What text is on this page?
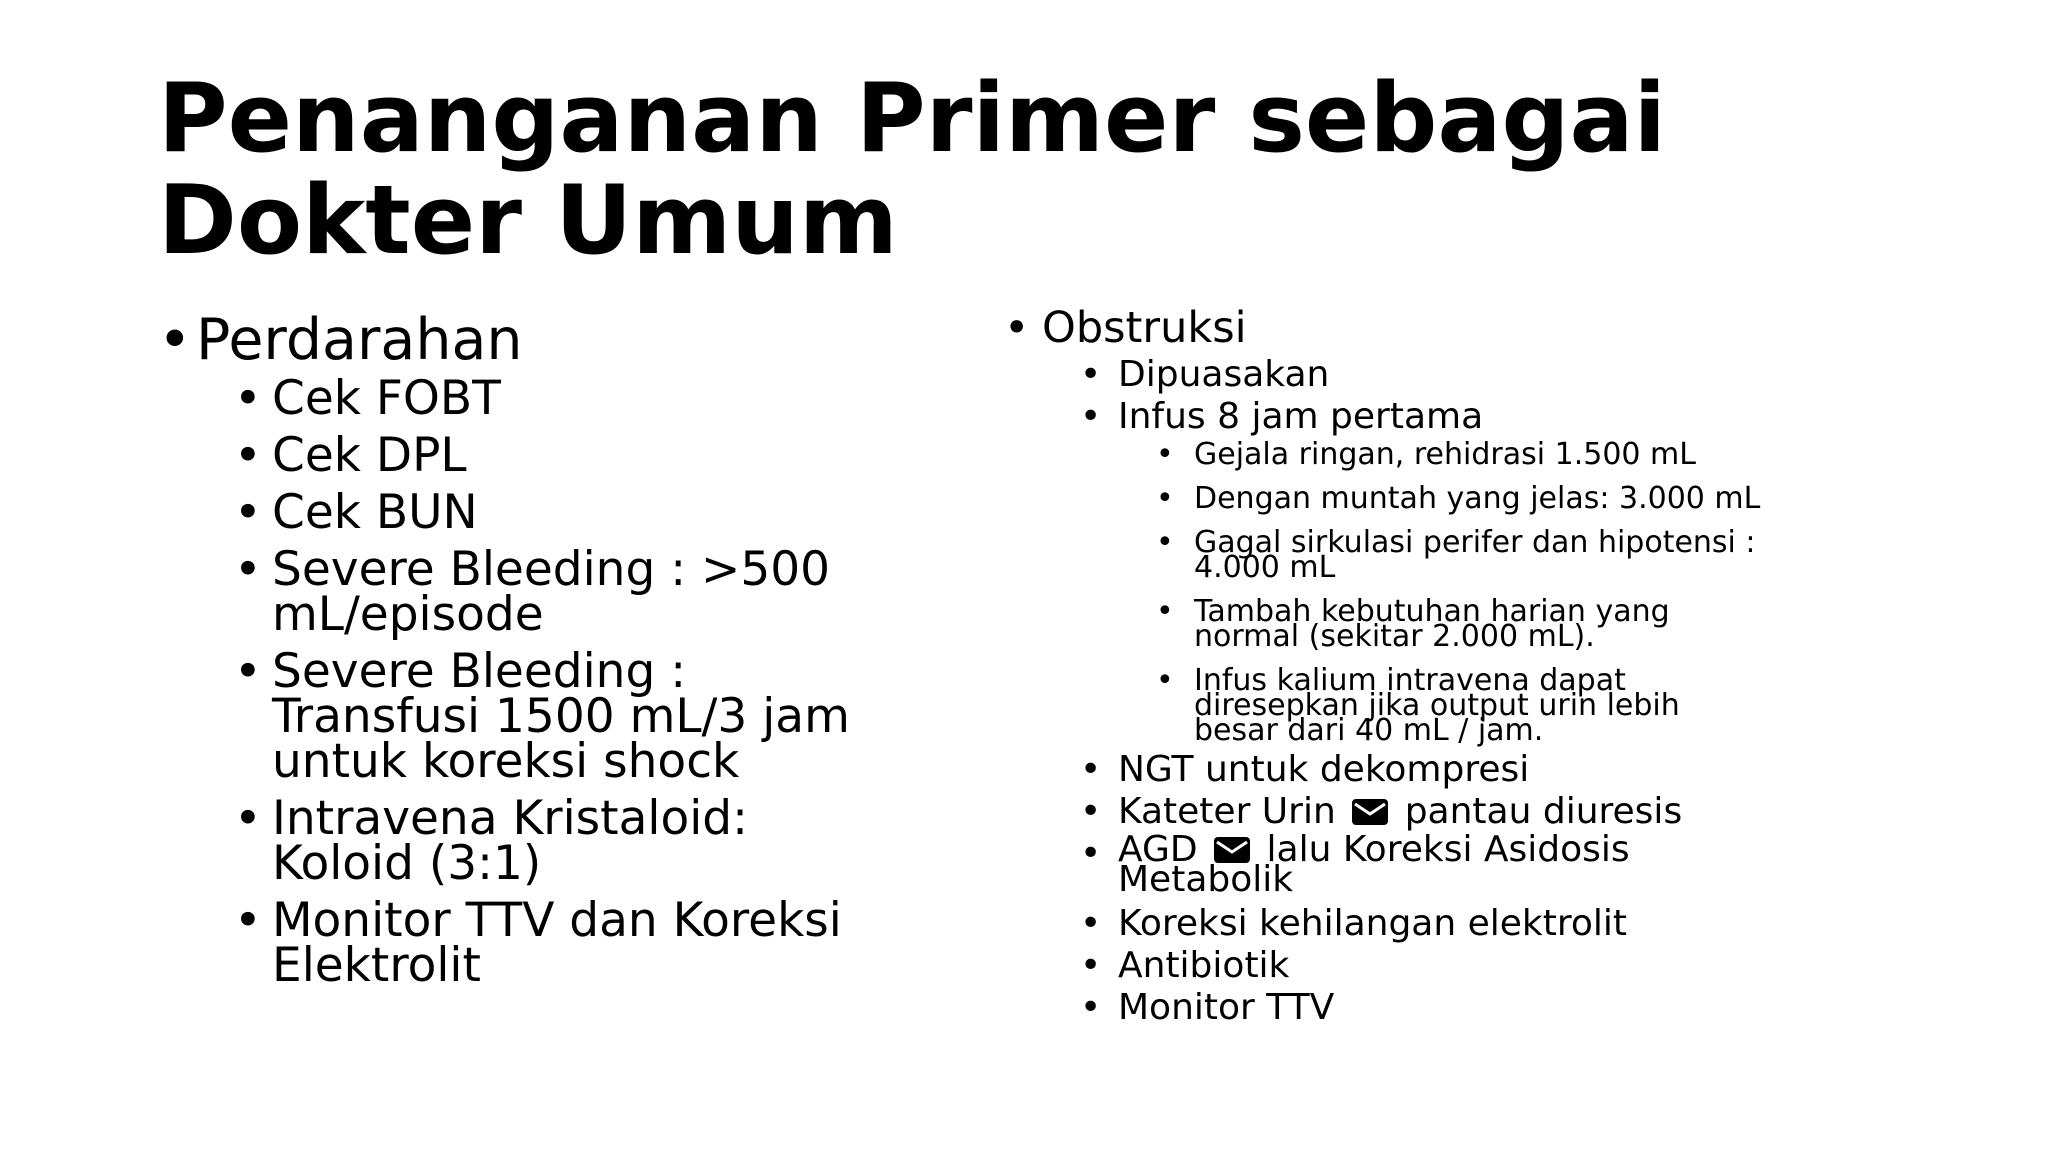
Penanganan Primer sebagai
Dokter Umum
• Perdarahan
• Cek FOBT
• Cek DPL
• Cek BUN
• Severe Bleeding : >500 mL/episode
• Severe Bleeding : Transfusi 1500 mL/3 jam untuk koreksi shock
• Intravena Kristaloid: Koloid (3:1)
• Monitor TTV dan Koreksi Elektrolit
• Obstruksi
• Dipuasakan
• Infus 8 jam pertama
• Gejala ringan, rehidrasi 1.500 mL
• Dengan muntah yang jelas: 3.000 mL
• Gagal sirkulasi perifer dan hipotensi : 4.000 mL
• Tambah kebutuhan harian yang normal (sekitar 2.000 mL).
• Infus kalium intravena dapat diresepkan jika output urin lebih besar dari 40 mL / jam.
• NGT untuk dekompresi
• Kateter Urin pantau diuresis
• AGD lalu Koreksi Asidosis Metabolik
• Koreksi kehilangan elektrolit
• Antibiotik
• Monitor TTV
